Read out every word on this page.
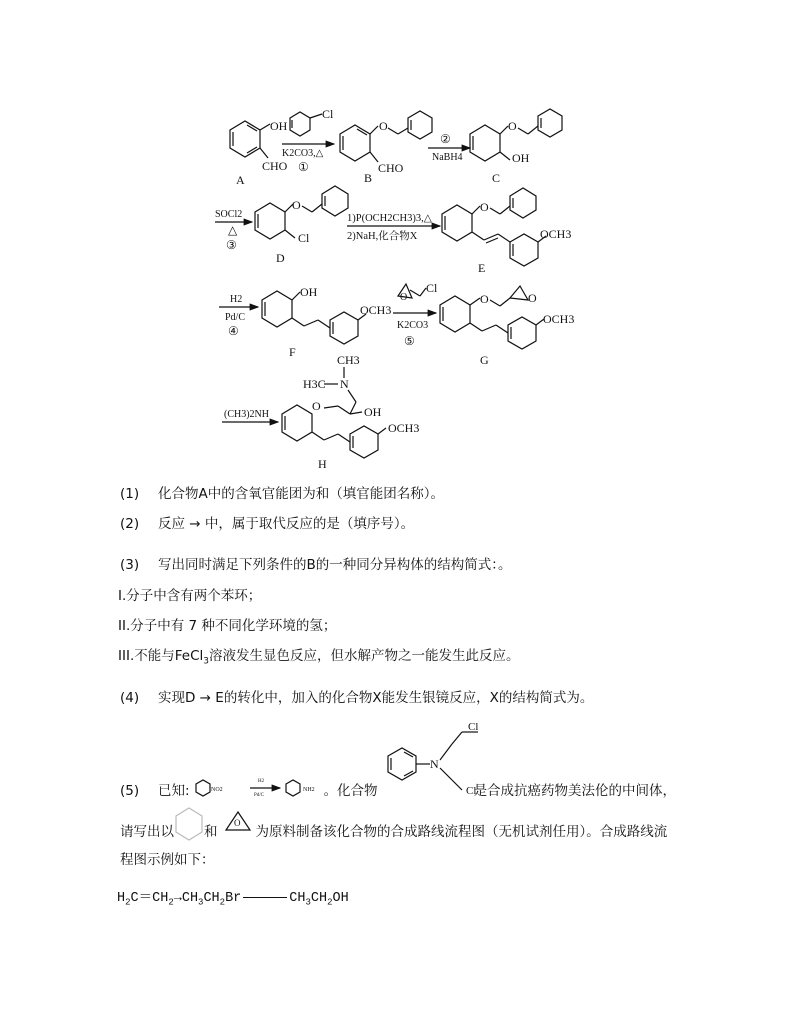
OH
CHO
A
Cl
K2CO3,△
①
O
CHO
B
②
NaBH4
O
OH
C
SOCl2
△
③
O
Cl
D
1)P(OCH2CH3)3,△
2)NaH,化合物X
O
OCH3
E
H2
Pd/C
④
OH
OCH3
F
O
Cl
K2CO3
⑤
O	O
OCH3
G
(CH3)2NH
CH3
H3C N
OH
O
OCH3
H
(1) 化合物A中的含氧官能团为和（填官能团名称）。
(2) 反应 → 中，属于取代反应的是（填序号）。
(3) 写出同时满足下列条件的B的一种同分异构体的结构简式：。
I.分子中含有两个苯环；
II.分子中有 7 种不同化学环境的氢；
III.不能与FeCl$_3$溶液发生显色反应，但水解产物之一能发生此反应。
(4) 实现D → E的转化中，加入的化合物X能发生银镜反应，X的结构简式为。
N
Cl
Cl
NO2
H2
Pd/C
NH2
O
(5) 已知:	。化合物	是合成抗癌药物美法伦的中间体，
请写出以 和	为原料制备该化合物的合成路线流程图（无机试剂任用）。合成路线流
程图示例如下：
$H_2C=CH_2\to CH_3CH_2Br$	$CH_3CH_2OH$
